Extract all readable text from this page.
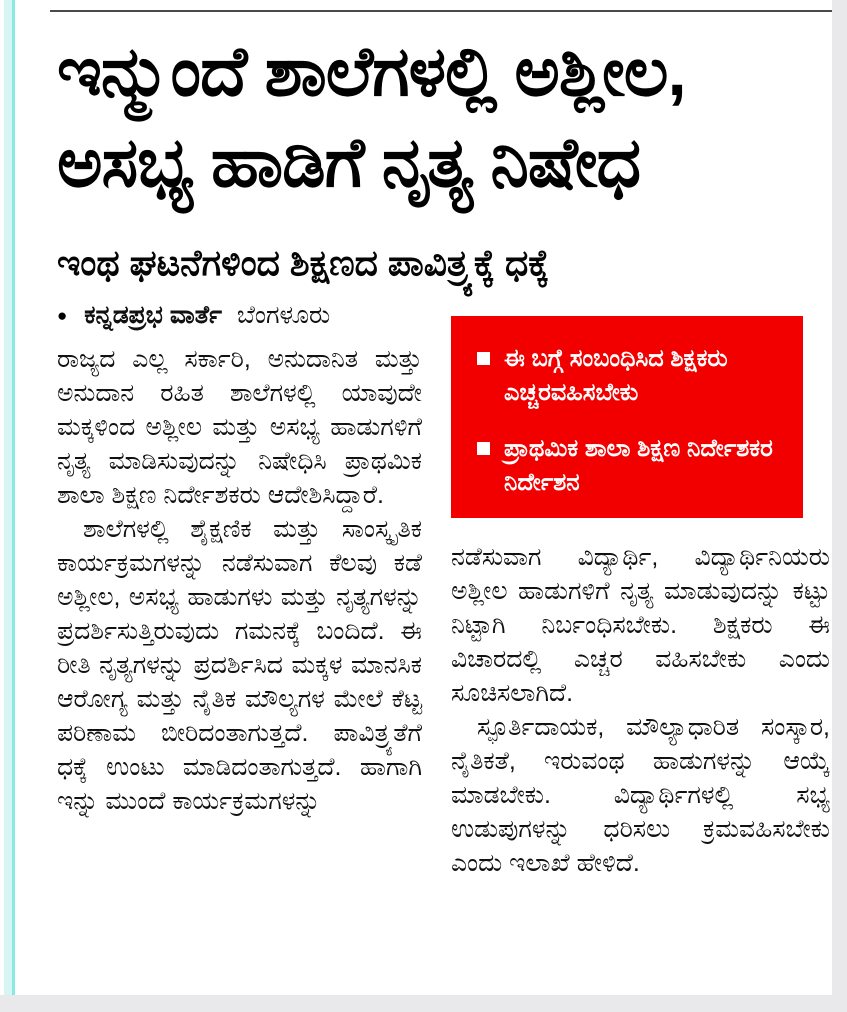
ಇನ್ಮುಂದೆ ಶಾಲೆಗಳಲ್ಲಿ ಅಶ್ಲೀಲ,
ಅಸಭ್ಯ ಹಾಡಿಗೆ ನೃತ್ಯ ನಿಷೇಧ
ಇಂಥ ಘಟನೆಗಳಿಂದ ಶಿಕ್ಷಣದ ಪಾವಿತ್ರ್ಯಕ್ಕೆ ಧಕ್ಕೆ
● ಕನ್ನಡಪ್ರಭ ವಾರ್ತೆ ಬೆಂಗಳೂರು

ರಾಜ್ಯದ ಎಲ್ಲ ಸರ್ಕಾರಿ, ಅನುದಾನಿತ ಮತ್ತು ಅನುದಾನ ರಹಿತ ಶಾಲೆಗಳಲ್ಲಿ ಯಾವುದೇ ಮಕ್ಕಳಿಂದ ಅಶ್ಲೀಲ ಮತ್ತು ಅಸಭ್ಯ ಹಾಡುಗಳಿಗೆ ನೃತ್ಯ ಮಾಡಿಸುವುದನ್ನು ನಿಷೇಧಿಸಿ ಪ್ರಾಥಮಿಕ ಶಾಲಾ ಶಿಕ್ಷಣ ನಿರ್ದೇಶಕರು ಆದೇಶಿಸಿದ್ದಾರೆ.

ಶಾಲೆಗಳಲ್ಲಿ ಶೈಕ್ಷಣಿಕ ಮತ್ತು ಸಾಂಸ್ಕೃತಿಕ ಕಾರ್ಯಕ್ರಮಗಳನ್ನು ನಡೆಸುವಾಗ ಕೆಲವು ಕಡೆ ಅಶ್ಲೀಲ, ಅಸಭ್ಯ ಹಾಡುಗಳು ಮತ್ತು ನೃತ್ಯಗಳನ್ನು ಪ್ರದರ್ಶಿಸುತ್ತಿರುವುದು ಗಮನಕ್ಕೆ ಬಂದಿದೆ. ಈ ರೀತಿ ನೃತ್ಯಗಳನ್ನು ಪ್ರದರ್ಶಿಸಿದ ಮಕ್ಕಳ ಮಾನಸಿಕ ಆರೋಗ್ಯ ಮತ್ತು ನೈತಿಕ ಮೌಲ್ಯಗಳ ಮೇಲೆ ಕೆಟ್ಟ ಪರಿಣಾಮ ಬೀರಿದಂತಾಗುತ್ತದೆ. ಪಾವಿತ್ರ್ಯತೆಗೆ ಧಕ್ಕೆ ಉಂಟು ಮಾಡಿದಂತಾಗುತ್ತದೆ. ಹಾಗಾಗಿ ಇನ್ನು ಮುಂದೆ ಕಾರ್ಯಕ್ರಮಗಳನ್ನು

ಈ ಬಗ್ಗೆ ಸಂಬಂಧಿಸಿದ ಶಿಕ್ಷಕರು ಎಚ್ಚರವಹಿಸಬೇಕು
ಪ್ರಾಥಮಿಕ ಶಾಲಾ ಶಿಕ್ಷಣ ನಿರ್ದೇಶಕರ ನಿರ್ದೇಶನ

ನಡೆಸುವಾಗ ವಿದ್ಯಾರ್ಥಿ, ವಿದ್ಯಾರ್ಥಿನಿಯರು ಅಶ್ಲೀಲ ಹಾಡುಗಳಿಗೆ ನೃತ್ಯ ಮಾಡುವುದನ್ನು ಕಟ್ಟು ನಿಟ್ಟಾಗಿ ನಿರ್ಬಂಧಿಸಬೇಕು. ಶಿಕ್ಷಕರು ಈ ವಿಚಾರದಲ್ಲಿ ಎಚ್ಚರ ವಹಿಸಬೇಕು ಎಂದು ಸೂಚಿಸಲಾಗಿದೆ.

ಸ್ಫೂರ್ತಿದಾಯಕ, ಮೌಲ್ಯಾಧಾರಿತ ಸಂಸ್ಕಾರ, ನೈತಿಕತೆ, ಇರುವಂಥ ಹಾಡುಗಳನ್ನು ಆಯ್ಕೆ ಮಾಡಬೇಕು. ವಿದ್ಯಾರ್ಥಿಗಳಲ್ಲಿ ಸಭ್ಯ ಉಡುಪುಗಳನ್ನು ಧರಿಸಲು ಕ್ರಮವಹಿಸಬೇಕು ಎಂದು ಇಲಾಖೆ ಹೇಳಿದೆ.
